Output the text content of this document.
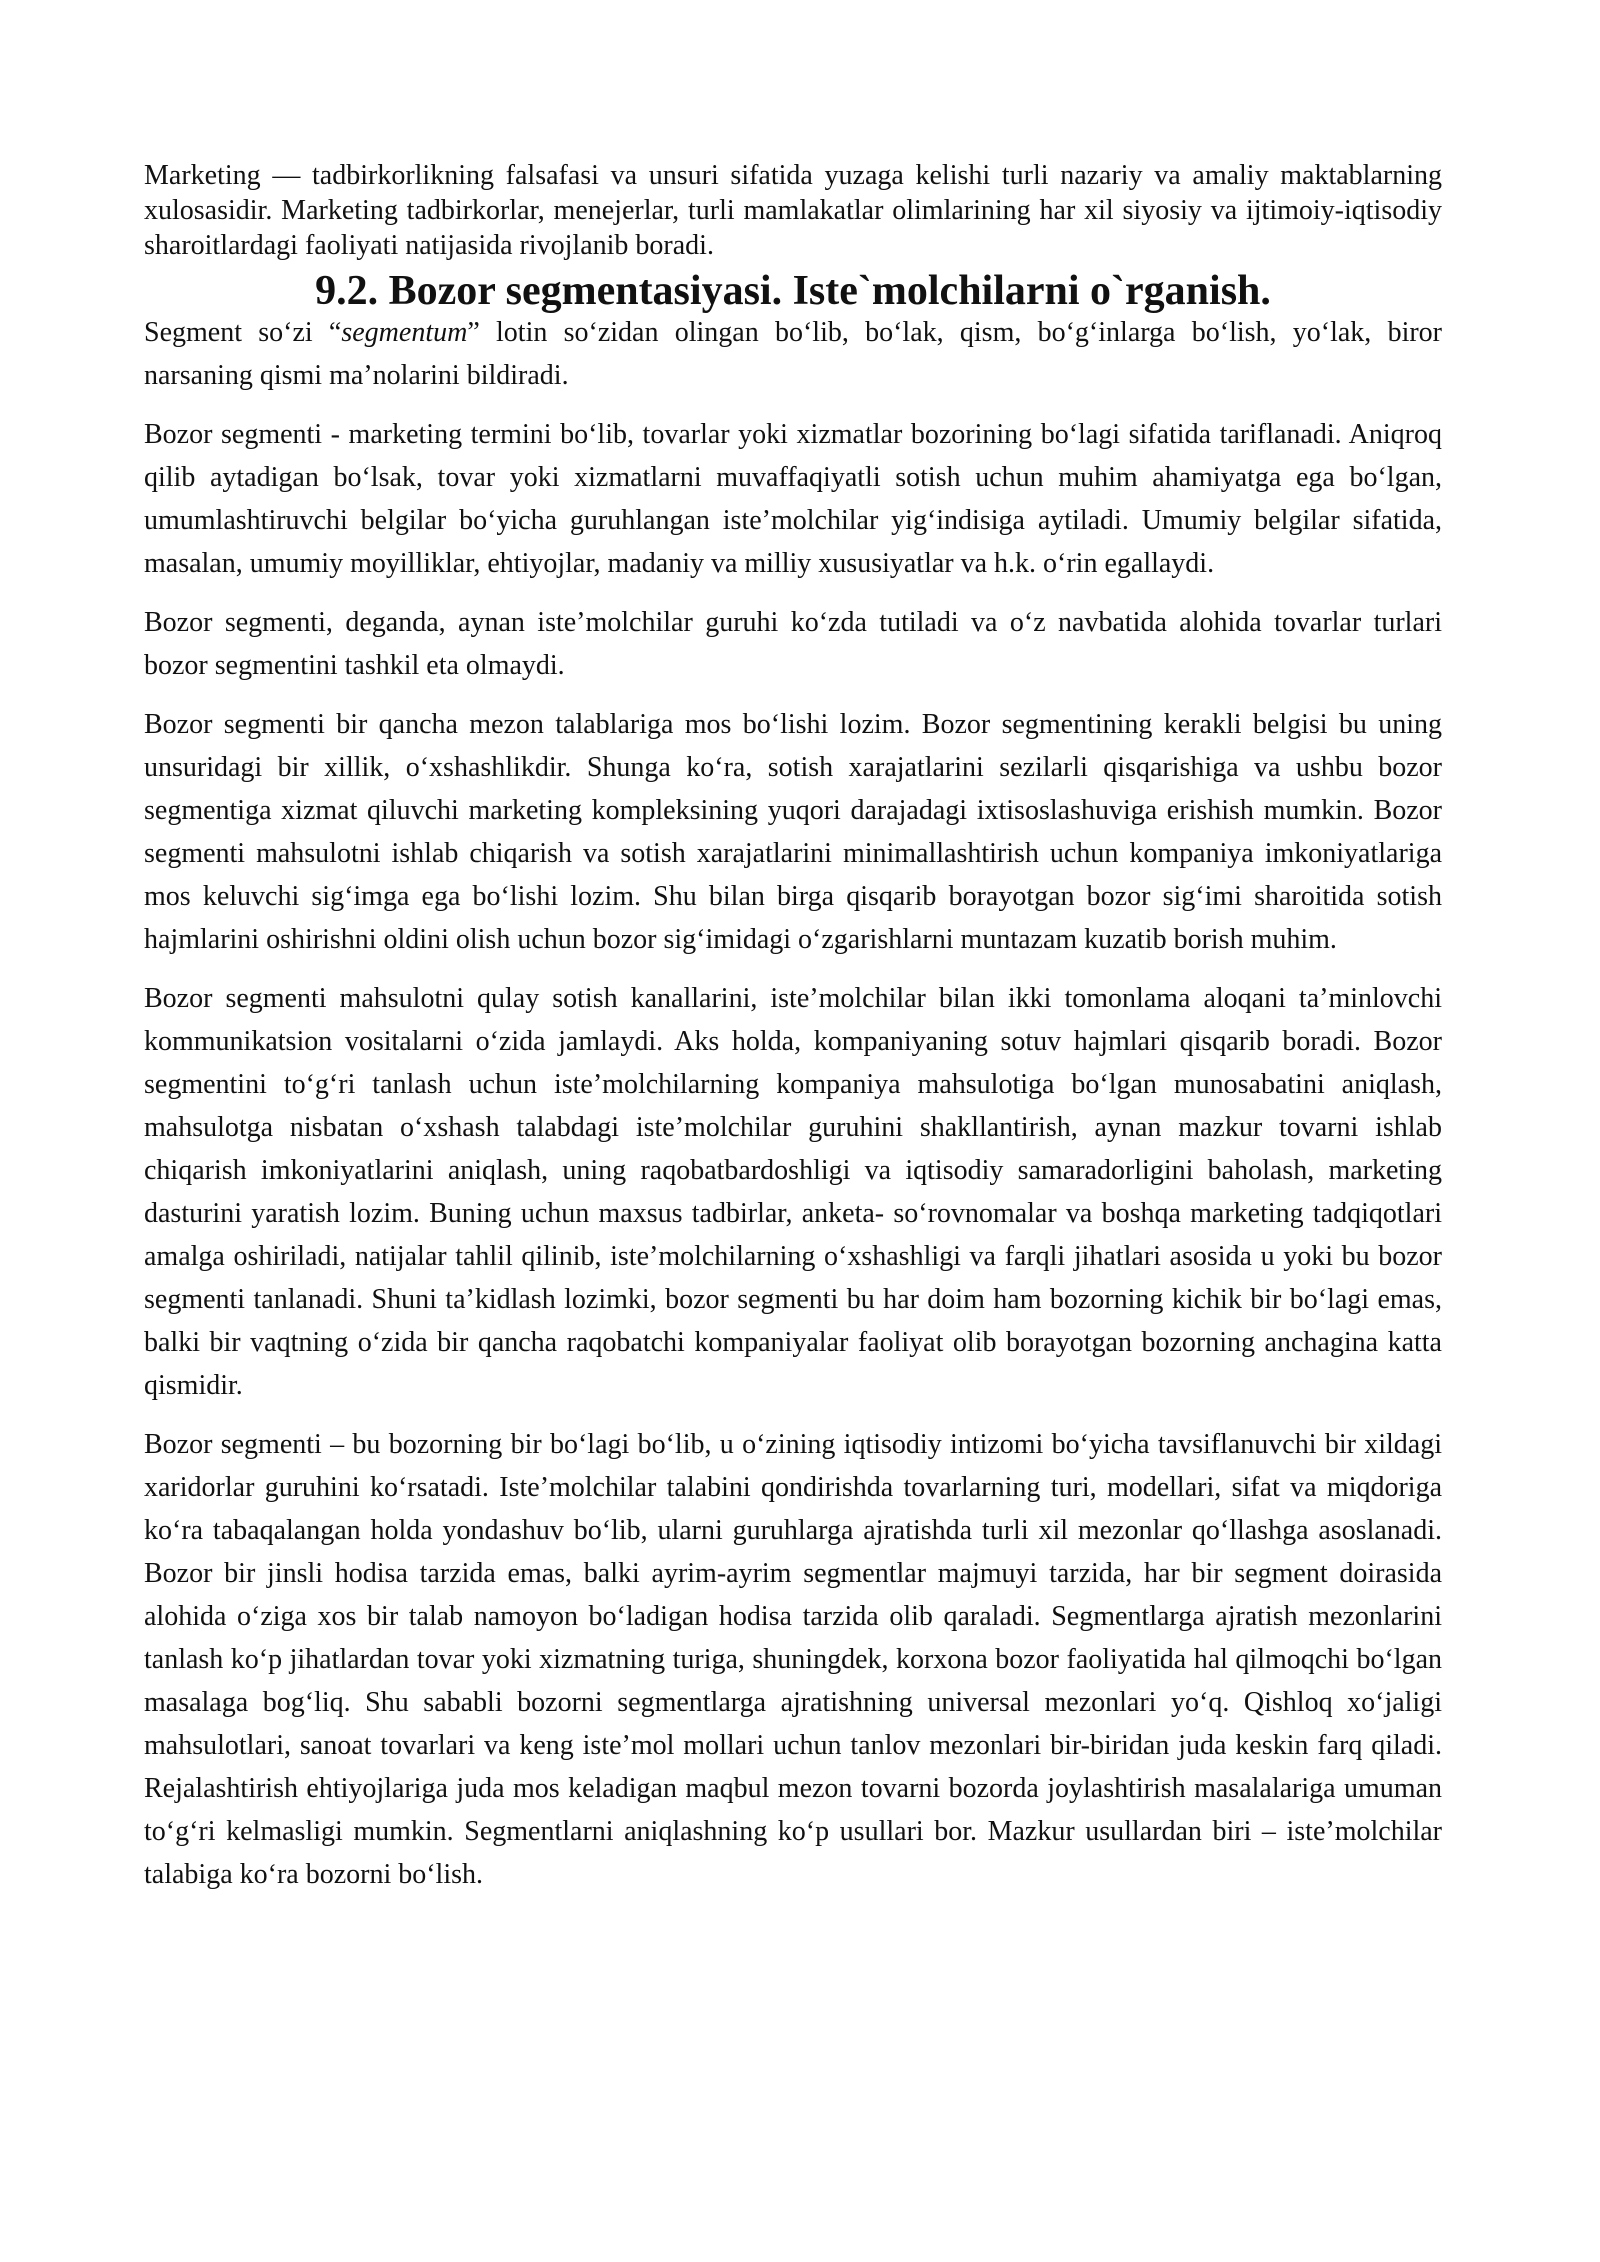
Marketing — tadbirkorlikning falsafasi va unsuri sifatida yuzaga kelishi turli nazariy va amaliy maktablarning xulosasidir. Marketing tadbirkorlar, menejerlar, turli mamlakatlar olimlarining har xil siyosiy va ijtimoiy-iqtisodiy sharoitlardagi faoliyati natijasida rivojlanib boradi.

9.2. Bozor segmentasiyasi. Iste`molchilarni o`rganish.

Segment so‘zi “segmentum” lotin so‘zidan olingan bo‘lib, bo‘lak, qism, bo‘g‘inlarga bo‘lish, yo‘lak, biror narsaning qismi ma’nolarini bildiradi.

Bozor segmenti - marketing termini bo‘lib, tovarlar yoki xizmatlar bozorining bo‘lagi sifatida tariflanadi. Aniqroq qilib aytadigan bo‘lsak, tovar yoki xizmatlarni muvaffaqiyatli sotish uchun muhim ahamiyatga ega bo‘lgan, umumlashtiruvchi belgilar bo‘yicha guruhlangan iste’molchilar yig‘indisiga aytiladi. Umumiy belgilar sifatida, masalan, umumiy moyilliklar, ehtiyojlar, madaniy va milliy xususiyatlar va h.k. o‘rin egallaydi.

Bozor segmenti, deganda, aynan iste’molchilar guruhi ko‘zda tutiladi va o‘z navbatida alohida tovarlar turlari bozor segmentini tashkil eta olmaydi.

Bozor segmenti bir qancha mezon talablariga mos bo‘lishi lozim. Bozor segmentining kerakli belgisi bu uning unsuridagi bir xillik, o‘xshashlikdir. Shunga ko‘ra, sotish xarajatlarini sezilarli qisqarishiga va ushbu bozor segmentiga xizmat qiluvchi marketing kompleksining yuqori darajadagi ixtisoslashuviga erishish mumkin. Bozor segmenti mahsulotni ishlab chiqarish va sotish xarajatlarini minimallashtirish uchun kompaniya imkoniyatlariga mos keluvchi sig‘imga ega bo‘lishi lozim. Shu bilan birga qisqarib borayotgan bozor sig‘imi sharoitida sotish hajmlarini oshirishni oldini olish uchun bozor sig‘imidagi o‘zgarishlarni muntazam kuzatib borish muhim.

Bozor segmenti mahsulotni qulay sotish kanallarini, iste’molchilar bilan ikki tomonlama aloqani ta’minlovchi kommunikatsion vositalarni o‘zida jamlaydi. Aks holda, kompaniyaning sotuv hajmlari qisqarib boradi. Bozor segmentini to‘g‘ri tanlash uchun iste’molchilarning kompaniya mahsulotiga bo‘lgan munosabatini aniqlash, mahsulotga nisbatan o‘xshash talabdagi iste’molchilar guruhini shakllantirish, aynan mazkur tovarni ishlab chiqarish imkoniyatlarini aniqlash, uning raqobatbardoshligi va iqtisodiy samaradorligini baholash, marketing dasturini yaratish lozim. Buning uchun maxsus tadbirlar, anketa- so‘rovnomalar va boshqa marketing tadqiqotlari amalga oshiriladi, natijalar tahlil qilinib, iste’molchilarning o‘xshashligi va farqli jihatlari asosida u yoki bu bozor segmenti tanlanadi. Shuni ta’kidlash lozimki, bozor segmenti bu har doim ham bozorning kichik bir bo‘lagi emas, balki bir vaqtning o‘zida bir qancha raqobatchi kompaniyalar faoliyat olib borayotgan bozorning anchagina katta qismidir.

Bozor segmenti – bu bozorning bir bo‘lagi bo‘lib, u o‘zining iqtisodiy intizomi bo‘yicha tavsiflanuvchi bir xildagi xaridorlar guruhini ko‘rsatadi. Iste’molchilar talabini qondirishda tovarlarning turi, modellari, sifat va miqdoriga ko‘ra tabaqalangan holda yondashuv bo‘lib, ularni guruhlarga ajratishda turli xil mezonlar qo‘llashga asoslanadi. Bozor bir jinsli hodisa tarzida emas, balki ayrim-ayrim segmentlar majmuyi tarzida, har bir segment doirasida alohida o‘ziga xos bir talab namoyon bo‘ladigan hodisa tarzida olib qaraladi. Segmentlarga ajratish mezonlarini tanlash ko‘p jihatlardan tovar yoki xizmatning turiga, shuningdek, korxona bozor faoliyatida hal qilmoqchi bo‘lgan masalaga bog‘liq. Shu sababli bozorni segmentlarga ajratishning universal mezonlari yo‘q. Qishloq xo‘jaligi mahsulotlari, sanoat tovarlari va keng iste’mol mollari uchun tanlov mezonlari bir-biridan juda keskin farq qiladi. Rejalashtirish ehtiyojlariga juda mos keladigan maqbul mezon tovarni bozorda joylashtirish masalalariga umuman to‘g‘ri kelmasligi mumkin. Segmentlarni aniqlashning ko‘p usullari bor. Mazkur usullardan biri – iste’molchilar talabiga ko‘ra bozorni bo‘lish.
